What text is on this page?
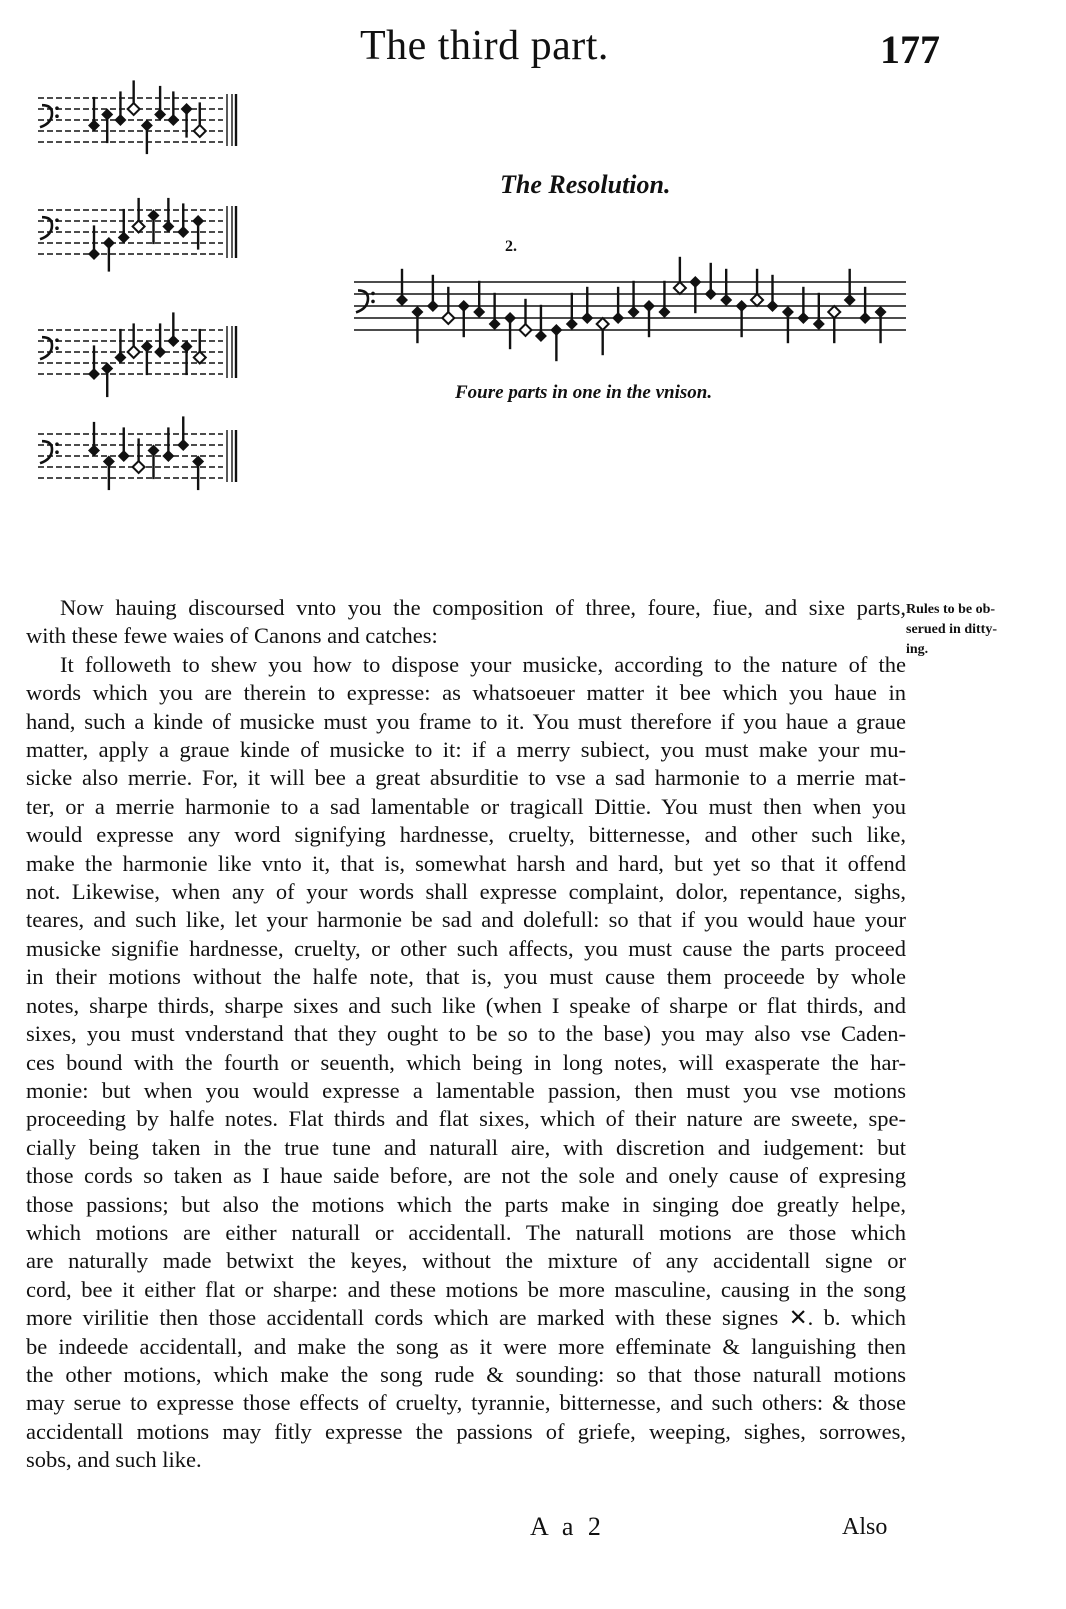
The third part.	177
The Resolution.
2.
Foure parts in one in the vnison.
Now hauing discoursed vnto you the composition of three, foure, fiue, and sixe parts,
with these fewe waies of Canons and catches:
It followeth to shew you how to dispose your musicke, according to the nature of the
words which you are therein to expresse: as whatsoeuer matter it bee which you haue in
hand, such a kinde of musicke must you frame to it. You must therefore if you haue a graue
matter, apply a graue kinde of musicke to it: if a merry subiect, you must make your mu-
sicke also merrie. For, it will bee a great absurditie to vse a sad harmonie to a merrie mat-
ter, or a merrie harmonie to a sad lamentable or tragicall Dittie. You must then when you
would expresse any word signifying hardnesse, cruelty, bitternesse, and other such like,
make the harmonie like vnto it, that is, somewhat harsh and hard, but yet so that it offend
not. Likewise, when any of your words shall expresse complaint, dolor, repentance, sighs,
teares, and such like, let your harmonie be sad and dolefull: so that if you would haue your
musicke signifie hardnesse, cruelty, or other such affects, you must cause the parts proceed
in their motions without the halfe note, that is, you must cause them proceede by whole
notes, sharpe thirds, sharpe sixes and such like (when I speake of sharpe or flat thirds, and
sixes, you must vnderstand that they ought to be so to the base) you may also vse Caden-
ces bound with the fourth or seuenth, which being in long notes, will exasperate the har-
monie: but when you would expresse a lamentable passion, then must you vse motions
proceeding by halfe notes. Flat thirds and flat sixes, which of their nature are sweete, spe-
cially being taken in the true tune and naturall aire, with discretion and iudgement: but
those cords so taken as I haue saide before, are not the sole and onely cause of expresing
those passions; but also the motions which the parts make in singing doe greatly helpe,
which motions are either naturall or accidentall. The naturall motions are those which
are naturally made betwixt the keyes, without the mixture of any accidentall signe or
cord, bee it either flat or sharpe: and these motions be more masculine, causing in the song
more virilitie then those accidentall cords which are marked with these signes ✕. b. which
be indeede accidentall, and make the song as it were more effeminate & languishing then
the other motions, which make the song rude & sounding: so that those naturall motions
may serue to expresse those effects of cruelty, tyrannie, bitternesse, and such others: & those
accidentall motions may fitly expresse the passions of griefe, weeping, sighes, sorrowes,
sobs, and such like.
Rules to be ob-
serued in ditty-
ing.
A a 2	Also
